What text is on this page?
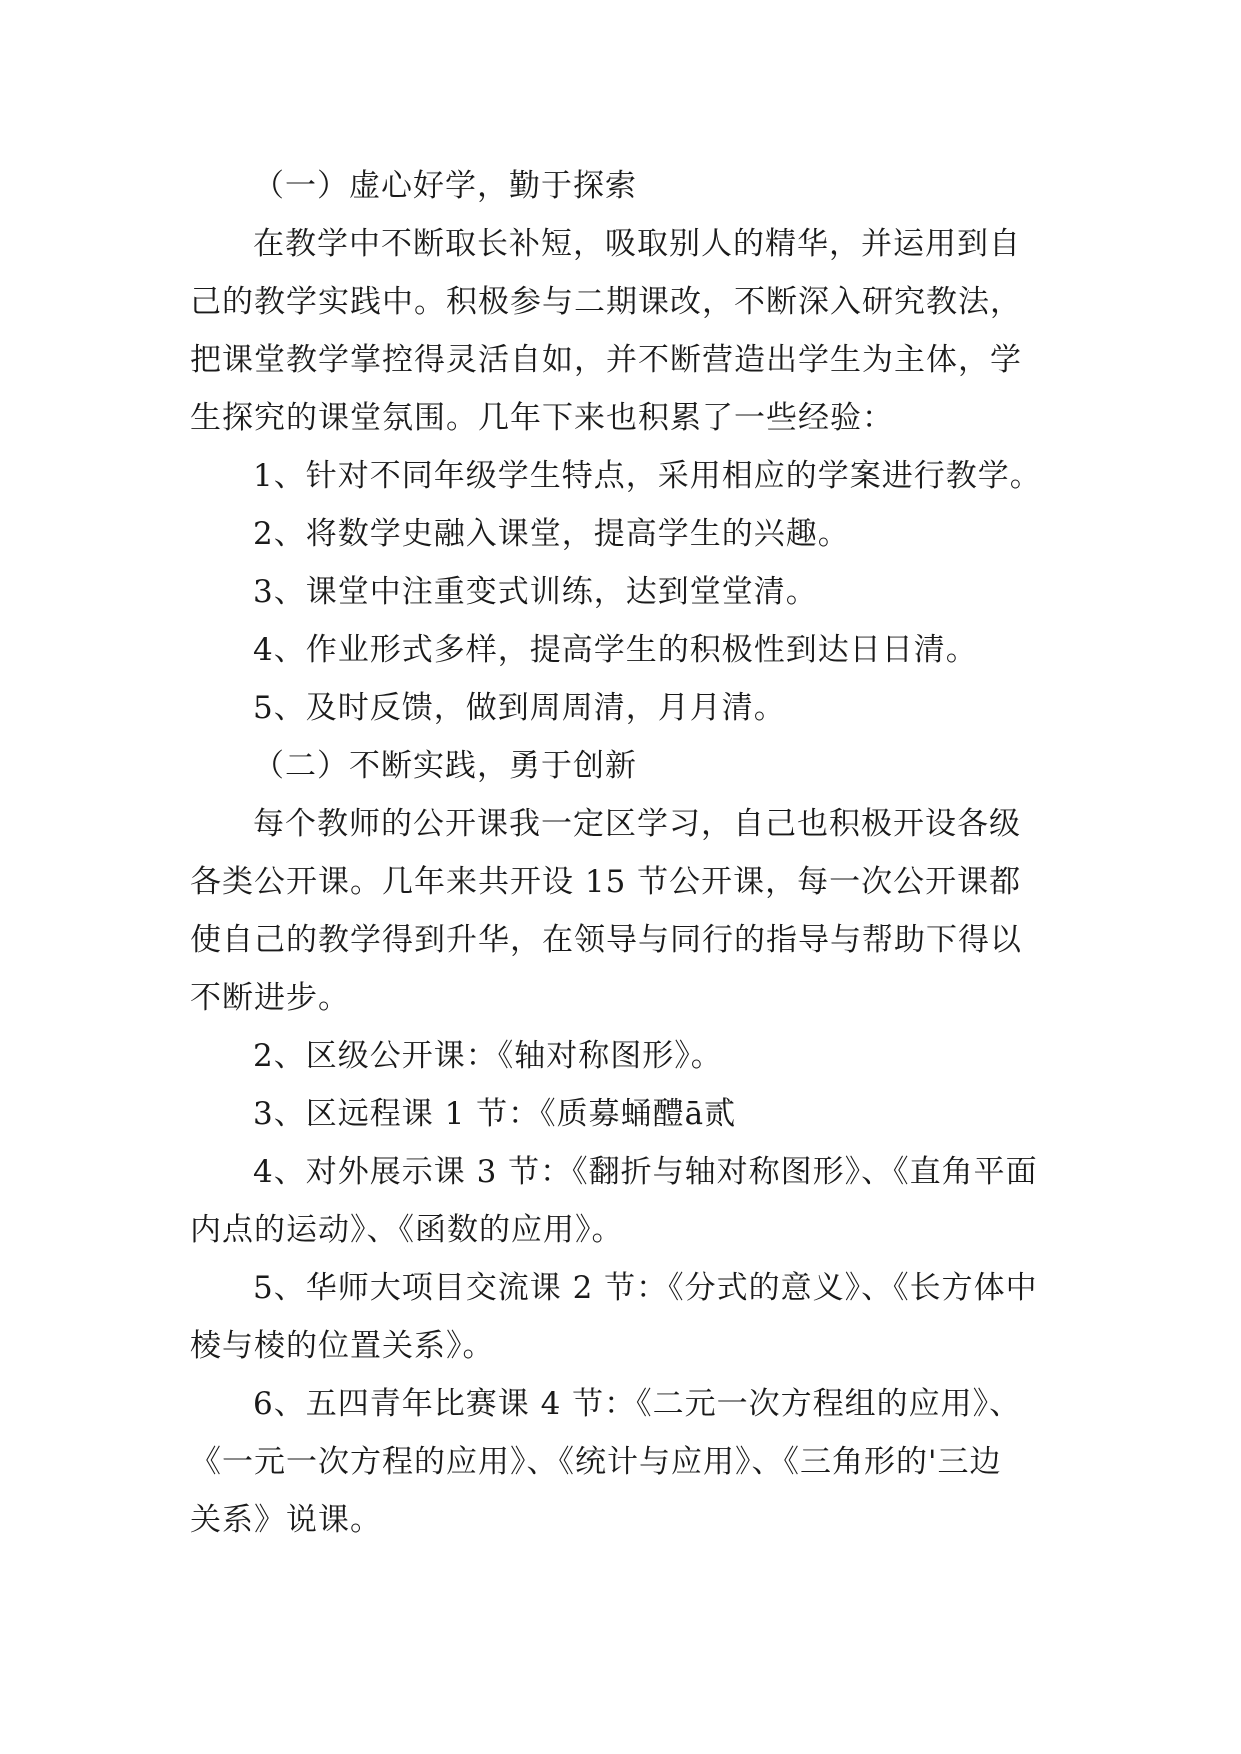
（一）虚心好学，勤于探索

在教学中不断取长补短，吸取别人的精华，并运用到自

己的教学实践中。积极参与二期课改，不断深入研究教法，

把课堂教学掌控得灵活自如，并不断营造出学生为主体，学

生探究的课堂氛围。几年下来也积累了一些经验：

1、针对不同年级学生特点，采用相应的学案进行教学。

2、将数学史融入课堂，提高学生的兴趣。

3、课堂中注重变式训练，达到堂堂清。

4、作业形式多样，提高学生的积极性到达日日清。

5、及时反馈，做到周周清，月月清。

（二）不断实践，勇于创新

每个教师的公开课我一定区学习，自己也积极开设各级

各类公开课。几年来共开设 15 节公开课，每一次公开课都

使自己的教学得到升华，在领导与同行的指导与帮助下得以

不断进步。

2、区级公开课：《轴对称图形》。

3、区远程课 1 节：《质募蛹醴ā贰

4、对外展示课 3 节：《翻折与轴对称图形》、《直角平面

内点的运动》、《函数的应用》。

5、华师大项目交流课 2 节：《分式的意义》、《长方体中

棱与棱的位置关系》。

6、五四青年比赛课 4 节：《二元一次方程组的应用》、

《一元一次方程的应用》、《统计与应用》、《三角形的'三边

关系》说课。
